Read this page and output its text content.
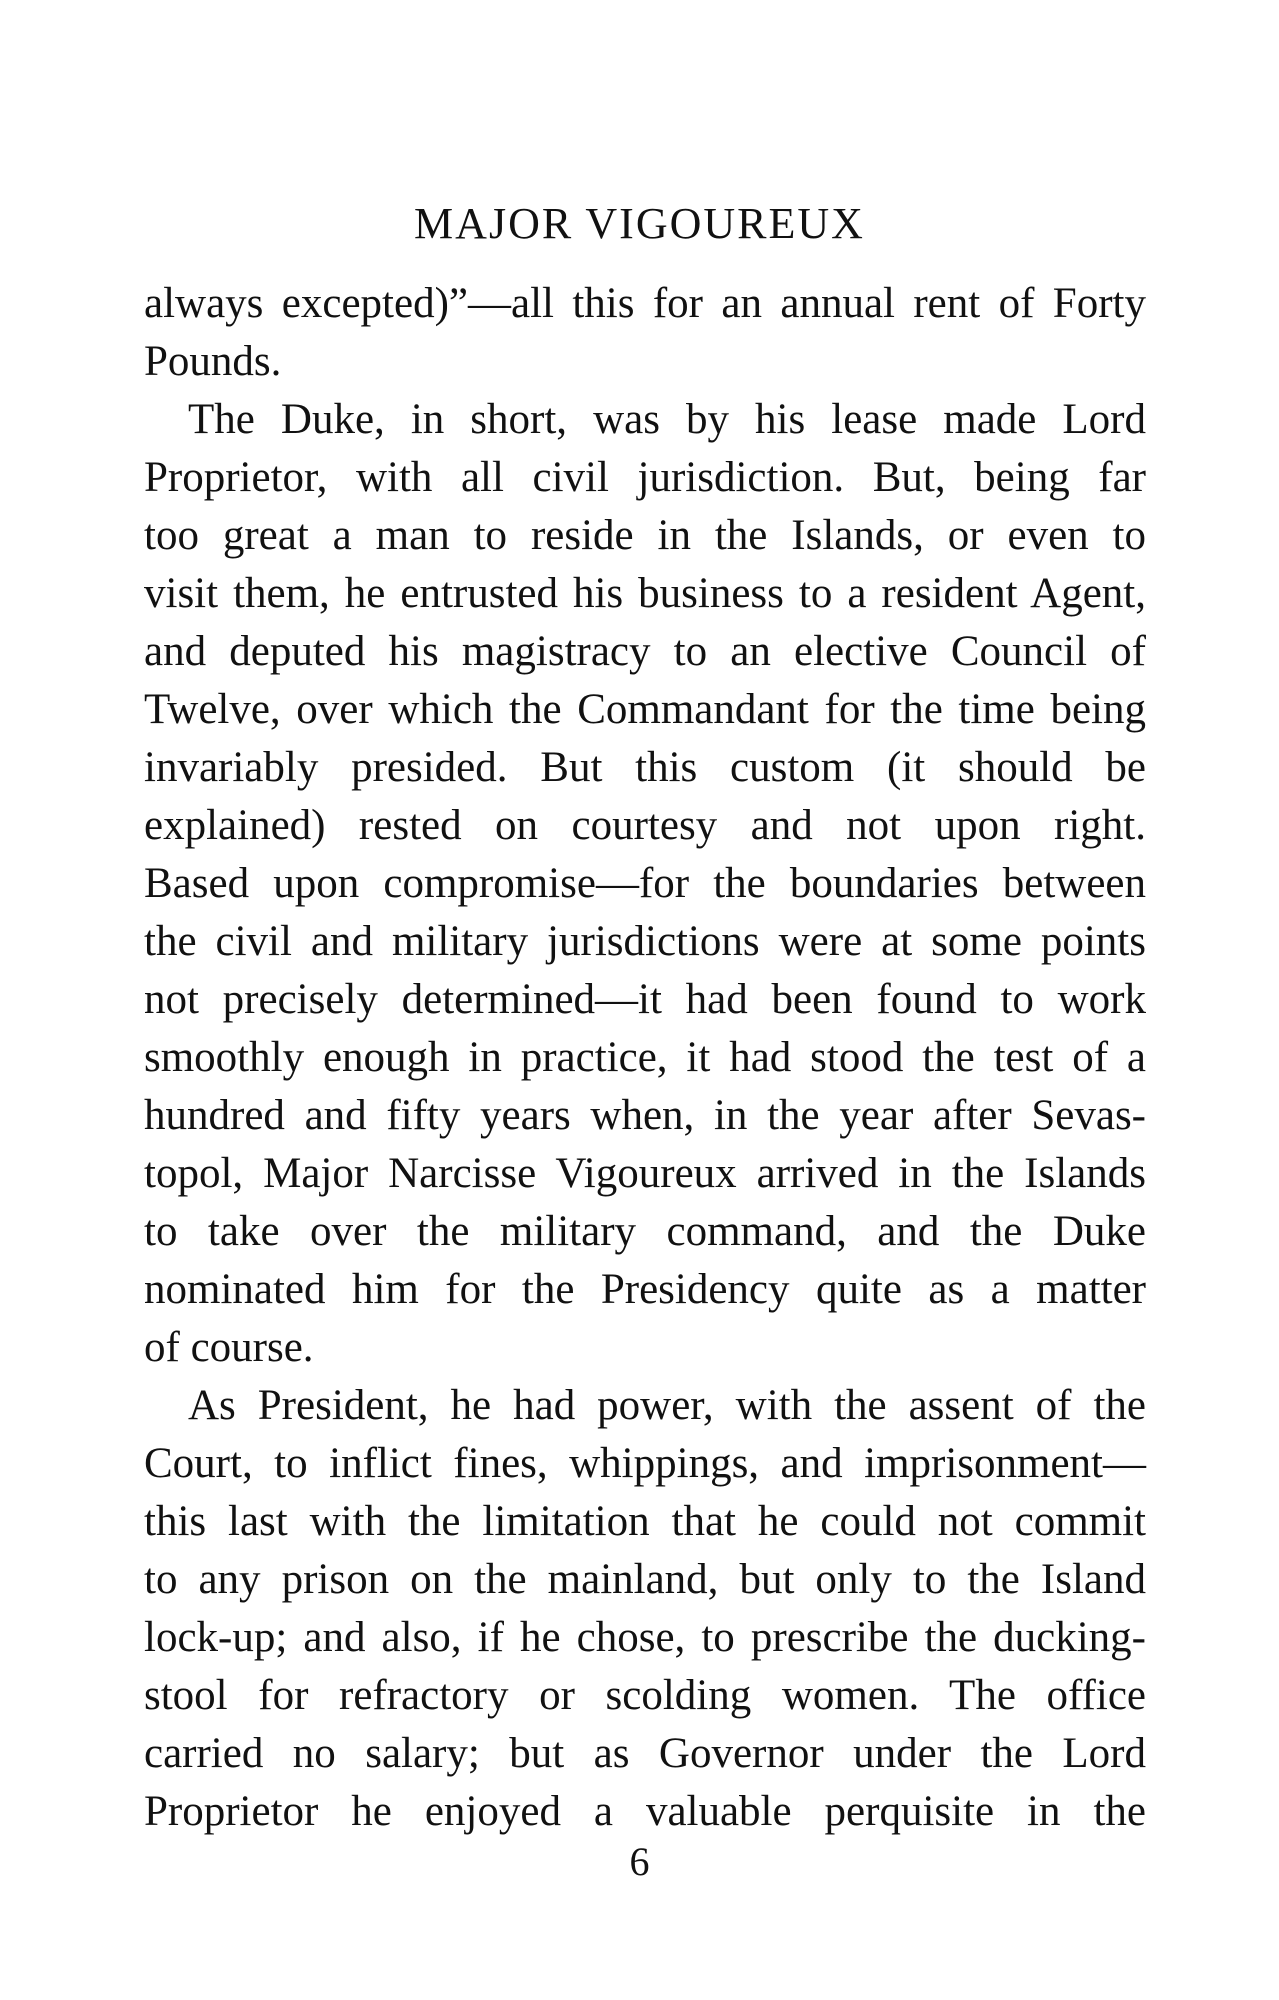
MAJOR VIGOUREUX
always excepted)”—all this for an annual rent of Forty
Pounds.
The Duke, in short, was by his lease made Lord
Proprietor, with all civil jurisdiction. But, being far
too great a man to reside in the Islands, or even to
visit them, he entrusted his business to a resident Agent,
and deputed his magistracy to an elective Council of
Twelve, over which the Commandant for the time being
invariably presided. But this custom (it should be
explained) rested on courtesy and not upon right.
Based upon compromise—for the boundaries between
the civil and military jurisdictions were at some points
not precisely determined—it had been found to work
smoothly enough in practice, it had stood the test of a
hundred and fifty years when, in the year after Sevas-
topol, Major Narcisse Vigoureux arrived in the Islands
to take over the military command, and the Duke
nominated him for the Presidency quite as a matter
of course.
As President, he had power, with the assent of the
Court, to inflict fines, whippings, and imprisonment—
this last with the limitation that he could not commit
to any prison on the mainland, but only to the Island
lock-up; and also, if he chose, to prescribe the ducking-
stool for refractory or scolding women. The office
carried no salary; but as Governor under the Lord
Proprietor he enjoyed a valuable perquisite in the

6
